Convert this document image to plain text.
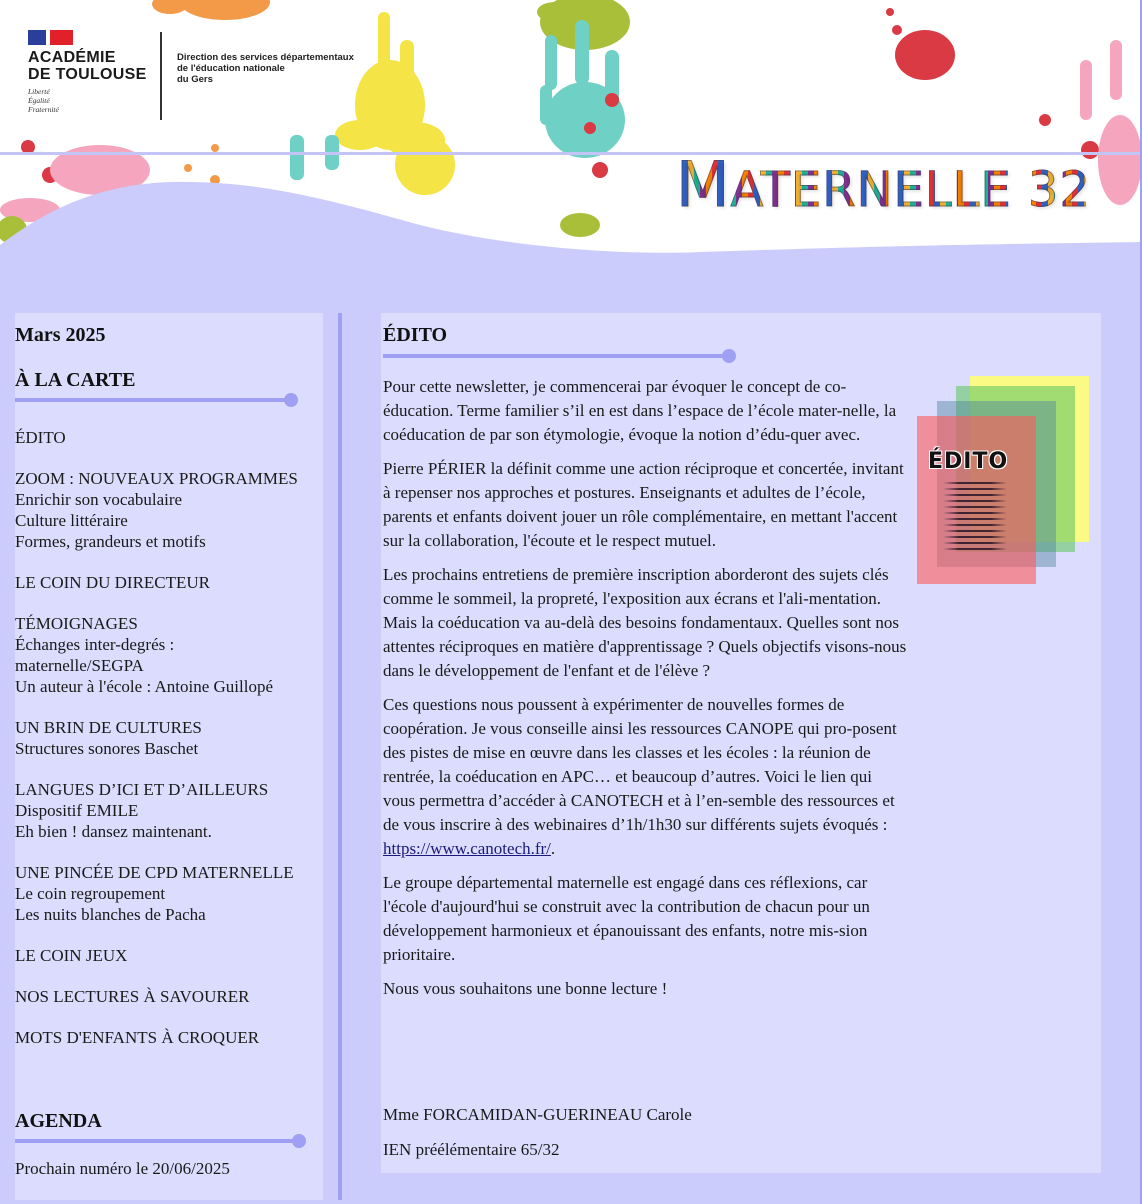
ACADÉMIE
DE TOULOUSE
Liberté
Égalité
Fraternité
Direction des services départementaux
de l'éducation nationale
du Gers
MATERNELLE 32
Mars 2025
À LA CARTE
ÉDITO
ZOOM : NOUVEAUX PROGRAMMES
Enrichir son vocabulaire
Culture littéraire
Formes, grandeurs et motifs
LE COIN DU DIRECTEUR
TÉMOIGNAGES
Échanges inter-degrés :
maternelle/SEGPA
Un auteur à l'école : Antoine Guillopé
UN BRIN DE CULTURES
Structures sonores Baschet
LANGUES D’ICI ET D’AILLEURS
Dispositif EMILE
Eh bien ! dansez maintenant.
UNE PINCÉE DE CPD MATERNELLE
Le coin regroupement
Les nuits blanches de Pacha
LE COIN JEUX
NOS LECTURES À SAVOURER
MOTS D'ENFANTS À CROQUER
AGENDA
Prochain numéro le 20/06/2025
ÉDITO
ÉDITO

Pour cette newsletter, je commencerai par évoquer le concept de co-éducation. Terme familier s’il en est dans l’espace de l’école mater-nelle, la coéducation de par son étymologie, évoque la notion d’édu-quer avec.

Pierre PÉRIER la définit comme une action réciproque et concertée, invitant à repenser nos approches et postures. Enseignants et adultes de l’école, parents et enfants doivent jouer un rôle complémentaire, en mettant l'accent sur la collaboration, l'écoute et le respect mutuel.

Les prochains entretiens de première inscription aborderont des sujets clés comme le sommeil, la propreté, l'exposition aux écrans et l'ali-mentation. Mais la coéducation va au-delà des besoins fondamentaux. Quelles sont nos attentes réciproques en matière d'apprentissage ? Quels objectifs visons-nous dans le développement de l'enfant et de l'élève ?

Ces questions nous poussent à expérimenter de nouvelles formes de coopération. Je vous conseille ainsi les ressources CANOPE qui pro-posent des pistes de mise en œuvre dans les classes et les écoles : la réunion de rentrée, la coéducation en APC… et beaucoup d’autres. Voici le lien qui vous permettra d’accéder à CANOTECH et à l’en-semble des ressources et de vous inscrire à des webinaires d’1h/1h30 sur différents sujets évoqués : https://www.canotech.fr/.

Le groupe départemental maternelle est engagé dans ces réflexions, car l'école d'aujourd'hui se construit avec la contribution de chacun pour un développement harmonieux et épanouissant des enfants, notre mis-sion prioritaire.

Nous vous souhaitons une bonne lecture !

Mme FORCAMIDAN-GUERINEAU Carole
IEN préélémentaire 65/32
